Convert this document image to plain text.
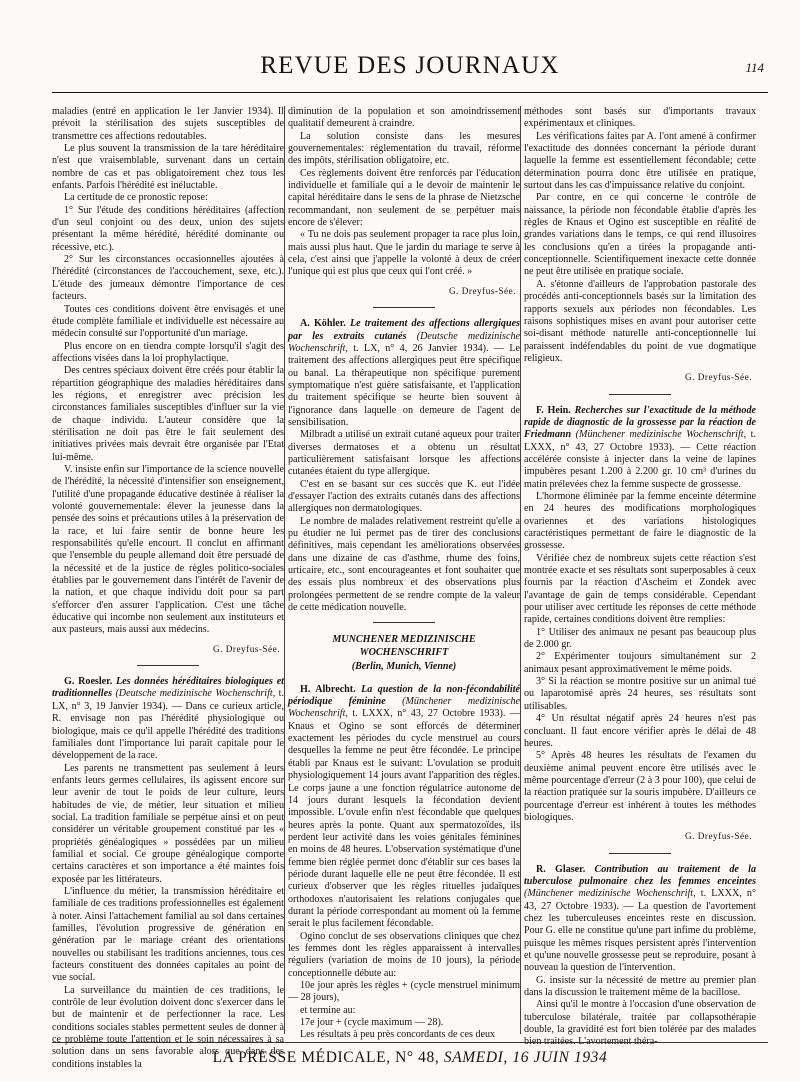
REVUE DES JOURNAUX	114

maladies (entré en application le 1er Janvier 1934). Il prévoit la stérilisation des sujets susceptibles de transmettre ces affections redoutables.

Le plus souvent la transmission de la tare héréditaire n'est que vraisemblable, survenant dans un certain nombre de cas et pas obligatoirement chez tous les enfants. Parfois l'hérédité est inéluctable.

La certitude de ce pronostic repose:

1° Sur l'étude des conditions héréditaires (affection d'un seul conjoint ou des deux, union des sujets présentant la même hérédité, hérédité dominante ou récessive, etc.).

2° Sur les circonstances occasionnelles ajoutées à l'hérédité (circonstances de l'accouchement, sexe, etc.). L'étude des jumeaux démontre l'importance de ces facteurs.

Toutes ces conditions doivent être envisagés et une étude complète familiale et individuelle est nécessaire au médecin consulté sur l'opportunité d'un mariage.

Plus encore on en tiendra compte lorsqu'il s'agit des affections visées dans la loi prophylactique.

Des centres spéciaux doivent être créés pour établir la répartition géographique des maladies héréditaires dans les régions, et enregistrer avec précision les circonstances familiales susceptibles d'influer sur la vie de chaque individu. L'auteur considère que la stérilisation ne doit pas être le fait seulement des initiatives privées mais devrait être organisée par l'Etat lui-même.

V. insiste enfin sur l'importance de la science nouvelle de l'hérédité, la nécessité d'intensifier son enseignement, l'utilité d'une propagande éducative destinée à réaliser la volonté gouvernementale: élever la jeunesse dans la pensée des soins et précautions utiles à la préservation de la race, et lui faire sentir de bonne heure les responsabilités qu'elle encourt. Il conclut en affirmant que l'ensemble du peuple allemand doit être persuadé de la nécessité et de la justice de règles politico-sociales établies par le gouvernement dans l'intérêt de l'avenir de la nation, et que chaque individu doit pour sa part s'efforcer d'en assurer l'application. C'est une tâche éducative qui incombe non seulement aux instituteurs et aux pasteurs, mais aussi aux médecins.

G. Dreyfus-Sée.

G. Roesler. Les données héréditaires biologiques et traditionnelles (Deutsche medizinische Wochenschrift, t. LX, n° 3, 19 Janvier 1934). — Dans ce curieux article, R. envisage non pas l'hérédité physiologique ou biologique, mais ce qu'il appelle l'hérédité des traditions familiales dont l'importance lui paraît capitale pour le développement de la race.

Les parents ne transmettent pas seulement à leurs enfants leurs germes cellulaires, ils agissent encore sur leur avenir de tout le poids de leur culture, leurs habitudes de vie, de métier, leur situation et milieu social. La tradition familiale se perpétue ainsi et on peut considérer un véritable groupement constitué par les « propriétés généalogiques » possédées par un milieu familial et social. Ce groupe généalogique comporte certains caractères et son importance a été maintes fois exposée par les littérateurs.

L'influence du métier, la transmission héréditaire et familiale de ces traditions professionnelles est également à noter. Ainsi l'attachement familial au sol dans certaines familles, l'évolution progressive de génération en génération par le mariage créant des orientations nouvelles ou stabilisant les traditions anciennes, tous ces facteurs constituent des données capitales au point de vue social.

La surveillance du maintien de ces traditions, le contrôle de leur évolution doivent donc s'exercer dans le but de maintenir et de perfectionner la race. Les conditions sociales stables permettent seules de donner à ce problème toute l'attention et le soin nécessaires à sa solution dans un sens favorable alors que dans des conditions instables la

diminution de la population et son amoindrissement qualitatif demeurent à craindre.

La solution consiste dans les mesures gouvernementales: réglementation du travail, réforme des impôts, stérilisation obligatoire, etc.

Ces règlements doivent être renforcés par l'éducation individuelle et familiale qui a le devoir de maintenir le capital héréditaire dans le sens de la phrase de Nietzsche recommandant, non seulement de se perpétuer mais encore de s'élever:

« Tu ne dois pas seulement propager ta race plus loin, mais aussi plus haut. Que le jardin du mariage te serve à cela, c'est ainsi que j'appelle la volonté à deux de créer l'unique qui est plus que ceux qui l'ont créé. »

G. Dreyfus-Sée.

A. Köhler. Le traitement des affections allergiques par les extraits cutanés (Deutsche medizinische Wochenschrift, t. LX, n° 4, 26 Janvier 1934). — Le traitement des affections allergiques peut être spécifique ou banal. La thérapeutique non spécifique purement symptomatique n'est guère satisfaisante, et l'application du traitement spécifique se heurte bien souvent à l'ignorance dans laquelle on demeure de l'agent de sensibilisation.

Milbradt a utilisé un extrait cutané aqueux pour traiter diverses dermatoses et a obtenu un résultat particulièrement satisfaisant lorsque les affections cutanées étaient du type allergique.

C'est en se basant sur ces succès que K. eut l'idée d'essayer l'action des extraits cutanés dans des affections allergiques non dermatologiques.

Le nombre de malades relativement restreint qu'elle a pu étudier ne lui permet pas de tirer des conclusions définitives, mais cependant les améliorations observées dans une dizaine de cas d'asthme, rhume des foins, urticaire, etc., sont encourageantes et font souhaiter que des essais plus nombreux et des observations plus prolongées permettent de se rendre compte de la valeur de cette médication nouvelle.

MUNCHENER MEDIZINISCHE WOCHENSCHRIFT

(Berlin, Munich, Vienne)

H. Albrecht. La question de la non-fécondabilité périodique féminine (Münchener medizinische Wochenschrift, t. LXXX, n° 43, 27 Octobre 1933). — Knaus et Ogino se sont efforcés de déterminer exactement les périodes du cycle menstruel au cours desquelles la femme ne peut être fécondée. Le principe établi par Knaus est le suivant: L'ovulation se produit physiologiquement 14 jours avant l'apparition des règles. Le corps jaune a une fonction régulatrice autonome de 14 jours durant lesquels la fécondation devient impossible. L'ovule enfin n'est fécondable que quelques heures après la ponte. Quant aux spermatozoïdes, ils perdent leur activité dans les voies génitales féminines en moins de 48 heures. L'observation systématique d'une femme bien réglée permet donc d'établir sur ces bases la période durant laquelle elle ne peut être fécondée. Il est curieux d'observer que les règles rituelles judaïques orthodoxes n'autorisaient les relations conjugales que durant la période correspondant au moment où la femme serait le plus facilement fécondable.

Ogino conclut de ses observations cliniques que chez les femmes dont les règles apparaissent à intervalles réguliers (variation de moins de 10 jours), la période conceptionnelle débute au:

10e jour après les règles + (cycle menstruel minimum — 28 jours),

et termine au:

17e jour + (cycle maximum — 28).

Les résultats à peu près concordants de ces deux

méthodes sont basés sur d'importants travaux expérimentaux et cliniques.

Les vérifications faites par A. l'ont amené à confirmer l'exactitude des données concernant la période durant laquelle la femme est essentiellement fécondable; cette détermination pourra donc être utilisée en pratique, surtout dans les cas d'impuissance relative du conjoint.

Par contre, en ce qui concerne le contrôle de naissance, la période non fécondable établie d'après les règles de Knaus et Ogino est susceptible en réalité de grandes variations dans le temps, ce qui rend illusoires les conclusions qu'en a tirées la propagande anti-conceptionnelle. Scientifiquement inexacte cette donnée ne peut être utilisée en pratique sociale.

A. s'étonne d'ailleurs de l'approbation pastorale des procédés anti-conceptionnels basés sur la limitation des rapports sexuels aux périodes non fécondables. Les raisons sophistiques mises en avant pour autoriser cette soi-disant méthode naturelle anti-conceptionnelle lui paraissent indéfendables du point de vue dogmatique religieux.

G. Dreyfus-Sée.

F. Hein. Recherches sur l'exactitude de la méthode rapide de diagnostic de la grossesse par la réaction de Friedmann (Münchener medizinische Wochenschrift, t. LXXX, n° 43, 27 Octobre 1933). — Cette réaction accélérée consiste à injecter dans la veine de lapines impubères pesant 1.200 à 2.200 gr. 10 cm³ d'urines du matin prélevées chez la femme suspecte de grossesse.

L'hormone éliminée par la femme enceinte détermine en 24 heures des modifications morphologiques ovariennes et des variations histologiques caractéristiques permettant de faire le diagnostic de la grossesse.

Vérifiée chez de nombreux sujets cette réaction s'est montrée exacte et ses résultats sont superposables à ceux fournis par la réaction d'Ascheim et Zondek avec l'avantage de gain de temps considérable. Cependant pour utiliser avec certitude les réponses de cette méthode rapide, certaines conditions doivent être remplies:

1° Utiliser des animaux ne pesant pas beaucoup plus de 2.000 gr.

2° Expérimenter toujours simultanément sur 2 animaux pesant approximativement le même poids.

3° Si la réaction se montre positive sur un animal tué ou laparotomisé après 24 heures, ses résultats sont utilisables.

4° Un résultat négatif après 24 heures n'est pas concluant. Il faut encore vérifier après le délai de 48 heures.

5° Après 48 heures les résultats de l'examen du deuxième animal peuvent encore être utilisés avec le même pourcentage d'erreur (2 à 3 pour 100), que celui de la réaction pratiquée sur la souris impubère. D'ailleurs ce pourcentage d'erreur est inhérent à toutes les méthodes biologiques.

G. Dreyfus-Sée.

R. Glaser. Contribution au traitement de la tuberculose pulmonaire chez les femmes enceintes (Münchener medizinische Wochenschrift, t. LXXX, n° 43, 27 Octobre 1933). — La question de l'avortement chez les tuberculeuses enceintes reste en discussion. Pour G. elle ne constitue qu'une part infime du problème, puisque les mêmes risques persistent après l'intervention et qu'une nouvelle grossesse peut se reproduire, posant à nouveau la question de l'intervention.

G. insiste sur la nécessité de mettre au premier plan dans la discussion le traitement même de la bacillose.

Ainsi qu'il le montre à l'occasion d'une observation de tuberculose bilatérale, traitée par collapsothérapie double, la gravidité est fort bien tolérée par des malades bien traitées. L'avortement théra-

LA PRESSE MÉDICALE, N° 48, SAMEDI, 16 JUIN 1934
